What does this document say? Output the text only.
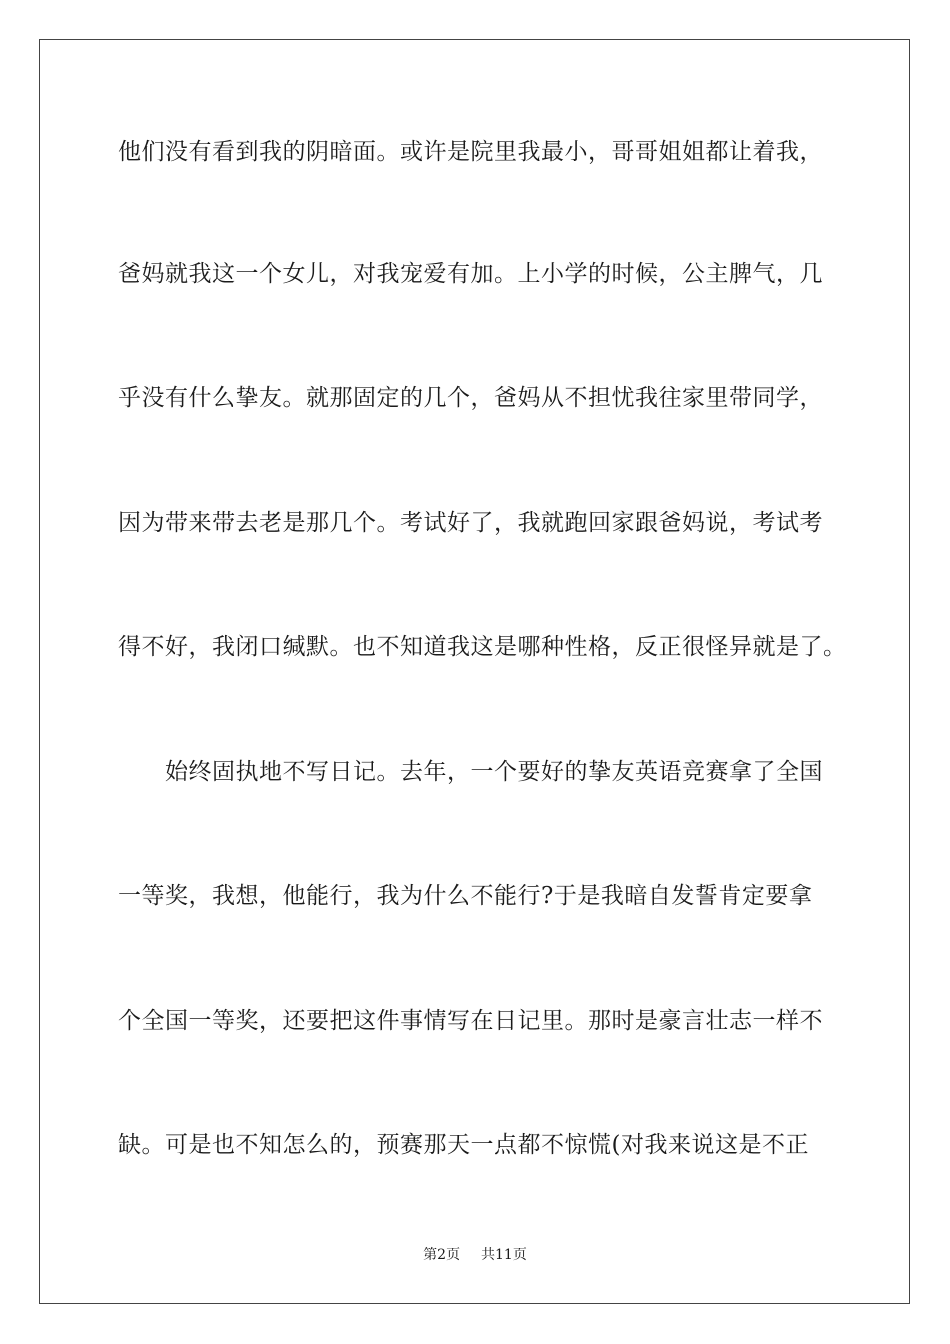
他们没有看到我的阴暗面。或许是院里我最小，哥哥姐姐都让着我，
爸妈就我这一个女儿，对我宠爱有加。上小学的时候，公主脾气，几
乎没有什么挚友。就那固定的几个，爸妈从不担忧我往家里带同学，
因为带来带去老是那几个。考试好了，我就跑回家跟爸妈说，考试考
得不好，我闭口缄默。也不知道我这是哪种性格，反正很怪异就是了。
　　始终固执地不写日记。去年，一个要好的挚友英语竞赛拿了全国
一等奖，我想，他能行，我为什么不能行?于是我暗自发誓肯定要拿
个全国一等奖，还要把这件事情写在日记里。那时是豪言壮志一样不
缺。可是也不知怎么的，预赛那天一点都不惊慌(对我来说这是不正
第2页 共11页
